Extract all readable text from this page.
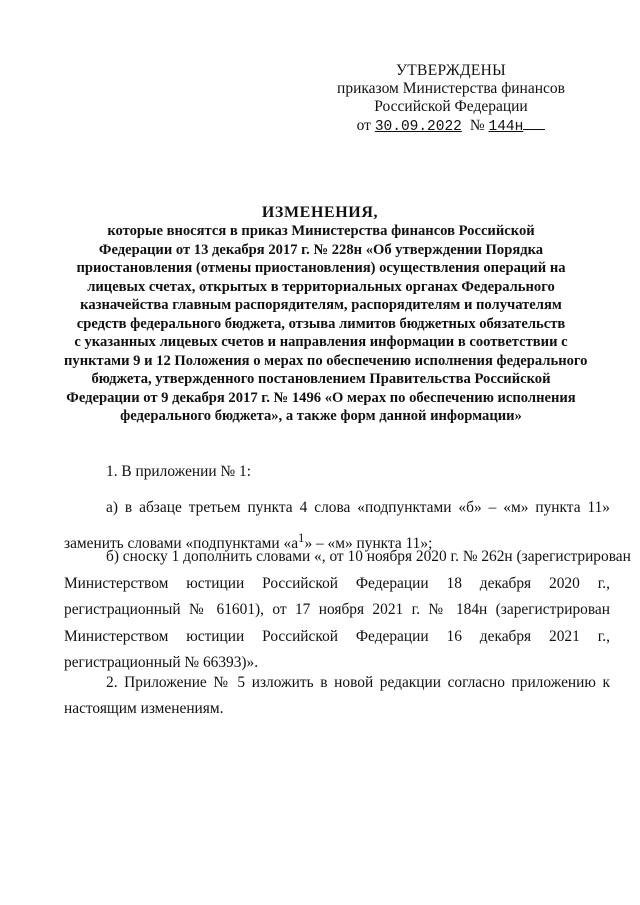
УТВЕРЖДЕНЫ
приказом Министерства финансов
Российской Федерации
от 30.09.2022 № 144н
ИЗМЕНЕНИЯ,
которые вносятся в приказ Министерства финансов Российской
Федерации от 13 декабря 2017 г. № 228н «Об утверждении Порядка
приостановления (отмены приостановления) осуществления операций на
лицевых счетах, открытых в территориальных органах Федерального
казначейства главным распорядителям, распорядителям и получателям
средств федерального бюджета, отзыва лимитов бюджетных обязательств
с указанных лицевых счетов и направления информации в соответствии с
пунктами 9 и 12 Положения о мерах по обеспечению исполнения федерального
бюджета, утвержденного постановлением Правительства Российской
Федерации от 9 декабря 2017 г. № 1496 «О мерах по обеспечению исполнения
федерального бюджета», а также форм данной информации»
1. В приложении № 1:
а) в абзаце третьем пункта 4 слова «подпунктами «б» – «м» пункта 11» заменить словами «подпунктами «$а^1$» – «м» пункта 11»;
б) сноску 1 дополнить словами «, от 10 ноября 2020 г. № 262н (зарегистрирован
Министерством юстиции Российской Федерации 18 декабря 2020 г.,
регистрационный № 61601), от 17 ноября 2021 г. № 184н (зарегистрирован
Министерством юстиции Российской Федерации 16 декабря 2021 г.,
регистрационный № 66393)».
2. Приложение № 5 изложить в новой редакции согласно приложению к
настоящим изменениям.
